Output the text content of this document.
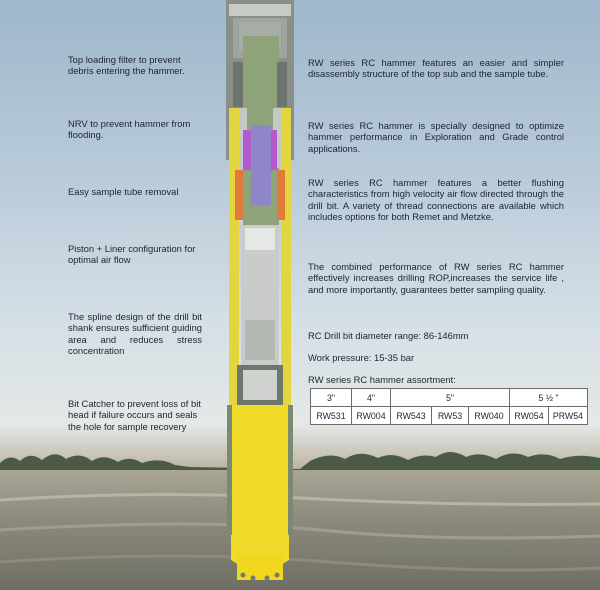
Top loading filter to prevent debris entering the hammer.
NRV to prevent hammer from flooding.
Easy sample tube removal
Piston + Liner configuration for optimal air flow
The spline design of the drill bit shank ensures sufficient guiding area and reduces stress concentration
Bit Catcher to prevent loss of bit head if failure occurs and seals the hole for sample recovery
RW series RC hammer features an easier and simpler disassembly structure of the top sub and the sample tube.
RW series RC hammer is specially designed to optimize hammer performance in Exploration and Grade control applications.
RW series RC hammer features a better flushing characteristics from high velocity air flow directed through the drill bit. A variety of thread connections are available which includes options for both Remet and Metzke.
The combined performance of RW series RC hammer effectively increases drilling ROP,increases the service life , and more importantly, guarantees better sampling quality.
RC Drill bit diameter range: 86-146mm
Work pressure: 15-35 bar
RW series RC hammer assortment:
3"	4"	5"			5 ½ "	
RW531	RW004	RW543	RW53	RW040	RW054	PRW54
